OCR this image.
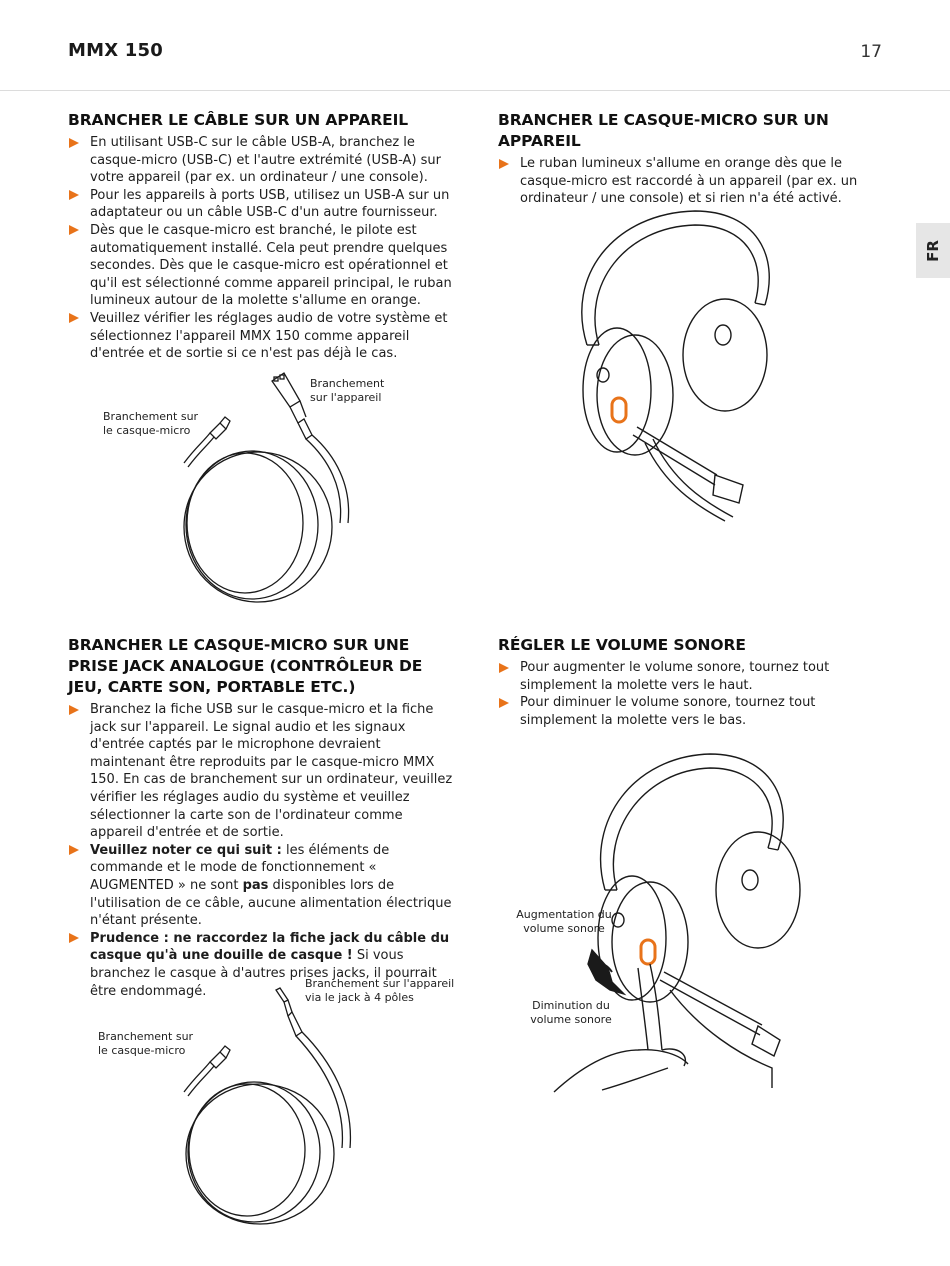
MMX 150	17
FR
BRANCHER LE CÂBLE SUR UN APPAREIL
En utilisant USB-C sur le câble USB-A, branchez le casque-micro (USB-C) et l'autre extrémité (USB-A) sur votre appareil (par ex. un ordinateur / une console).
Pour les appareils à ports USB, utilisez un USB-A sur un adaptateur ou un câble USB-C d'un autre fournisseur.
Dès que le casque-micro est branché, le pilote est automatiquement installé. Cela peut prendre quelques secondes. Dès que le casque-micro est opérationnel et qu'il est sélectionné comme appareil principal, le ruban lumineux autour de la molette s'allume en orange.
Veuillez vérifier les réglages audio de votre système et sélectionnez l'appareil MMX 150 comme appareil d'entrée et de sortie si ce n'est pas déjà le cas.
Branchement sur le casque-micro
Branchement sur l'appareil
BRANCHER LE CASQUE-MICRO SUR UN APPAREIL
Le ruban lumineux s'allume en orange dès que le casque-micro est raccordé à un appareil (par ex. un ordinateur / une console) et si rien n'a été activé.
BRANCHER LE CASQUE-MICRO SUR UNE PRISE JACK ANALOGUE (CONTRÔLEUR DE JEU, CARTE SON, PORTABLE ETC.)
Branchez la fiche USB sur le casque-micro et la fiche jack sur l'appareil. Le signal audio et les signaux d'entrée captés par le microphone devraient maintenant être reproduits par le casque-micro MMX 150. En cas de branchement sur un ordinateur, veuillez vérifier les réglages audio du système et veuillez sélectionner la carte son de l'ordinateur comme appareil d'entrée et de sortie.
Veuillez noter ce qui suit : les éléments de commande et le mode de fonctionnement « AUGMENTED » ne sont pas disponibles lors de l'utilisation de ce câble, aucune alimentation électrique n'étant présente.
Prudence : ne raccordez la fiche jack du câble du casque qu'à une douille de casque ! Si vous branchez le casque à d'autres prises jacks, il pourrait être endommagé.
Branchement sur le casque-micro
Branchement sur l'appareil via le jack à 4 pôles
RÉGLER LE VOLUME SONORE
Pour augmenter le volume sonore, tournez tout simplement la molette vers le haut.
Pour diminuer le volume sonore, tournez tout simplement la molette vers le bas.
Augmentation du volume sonore
Diminution du volume sonore
